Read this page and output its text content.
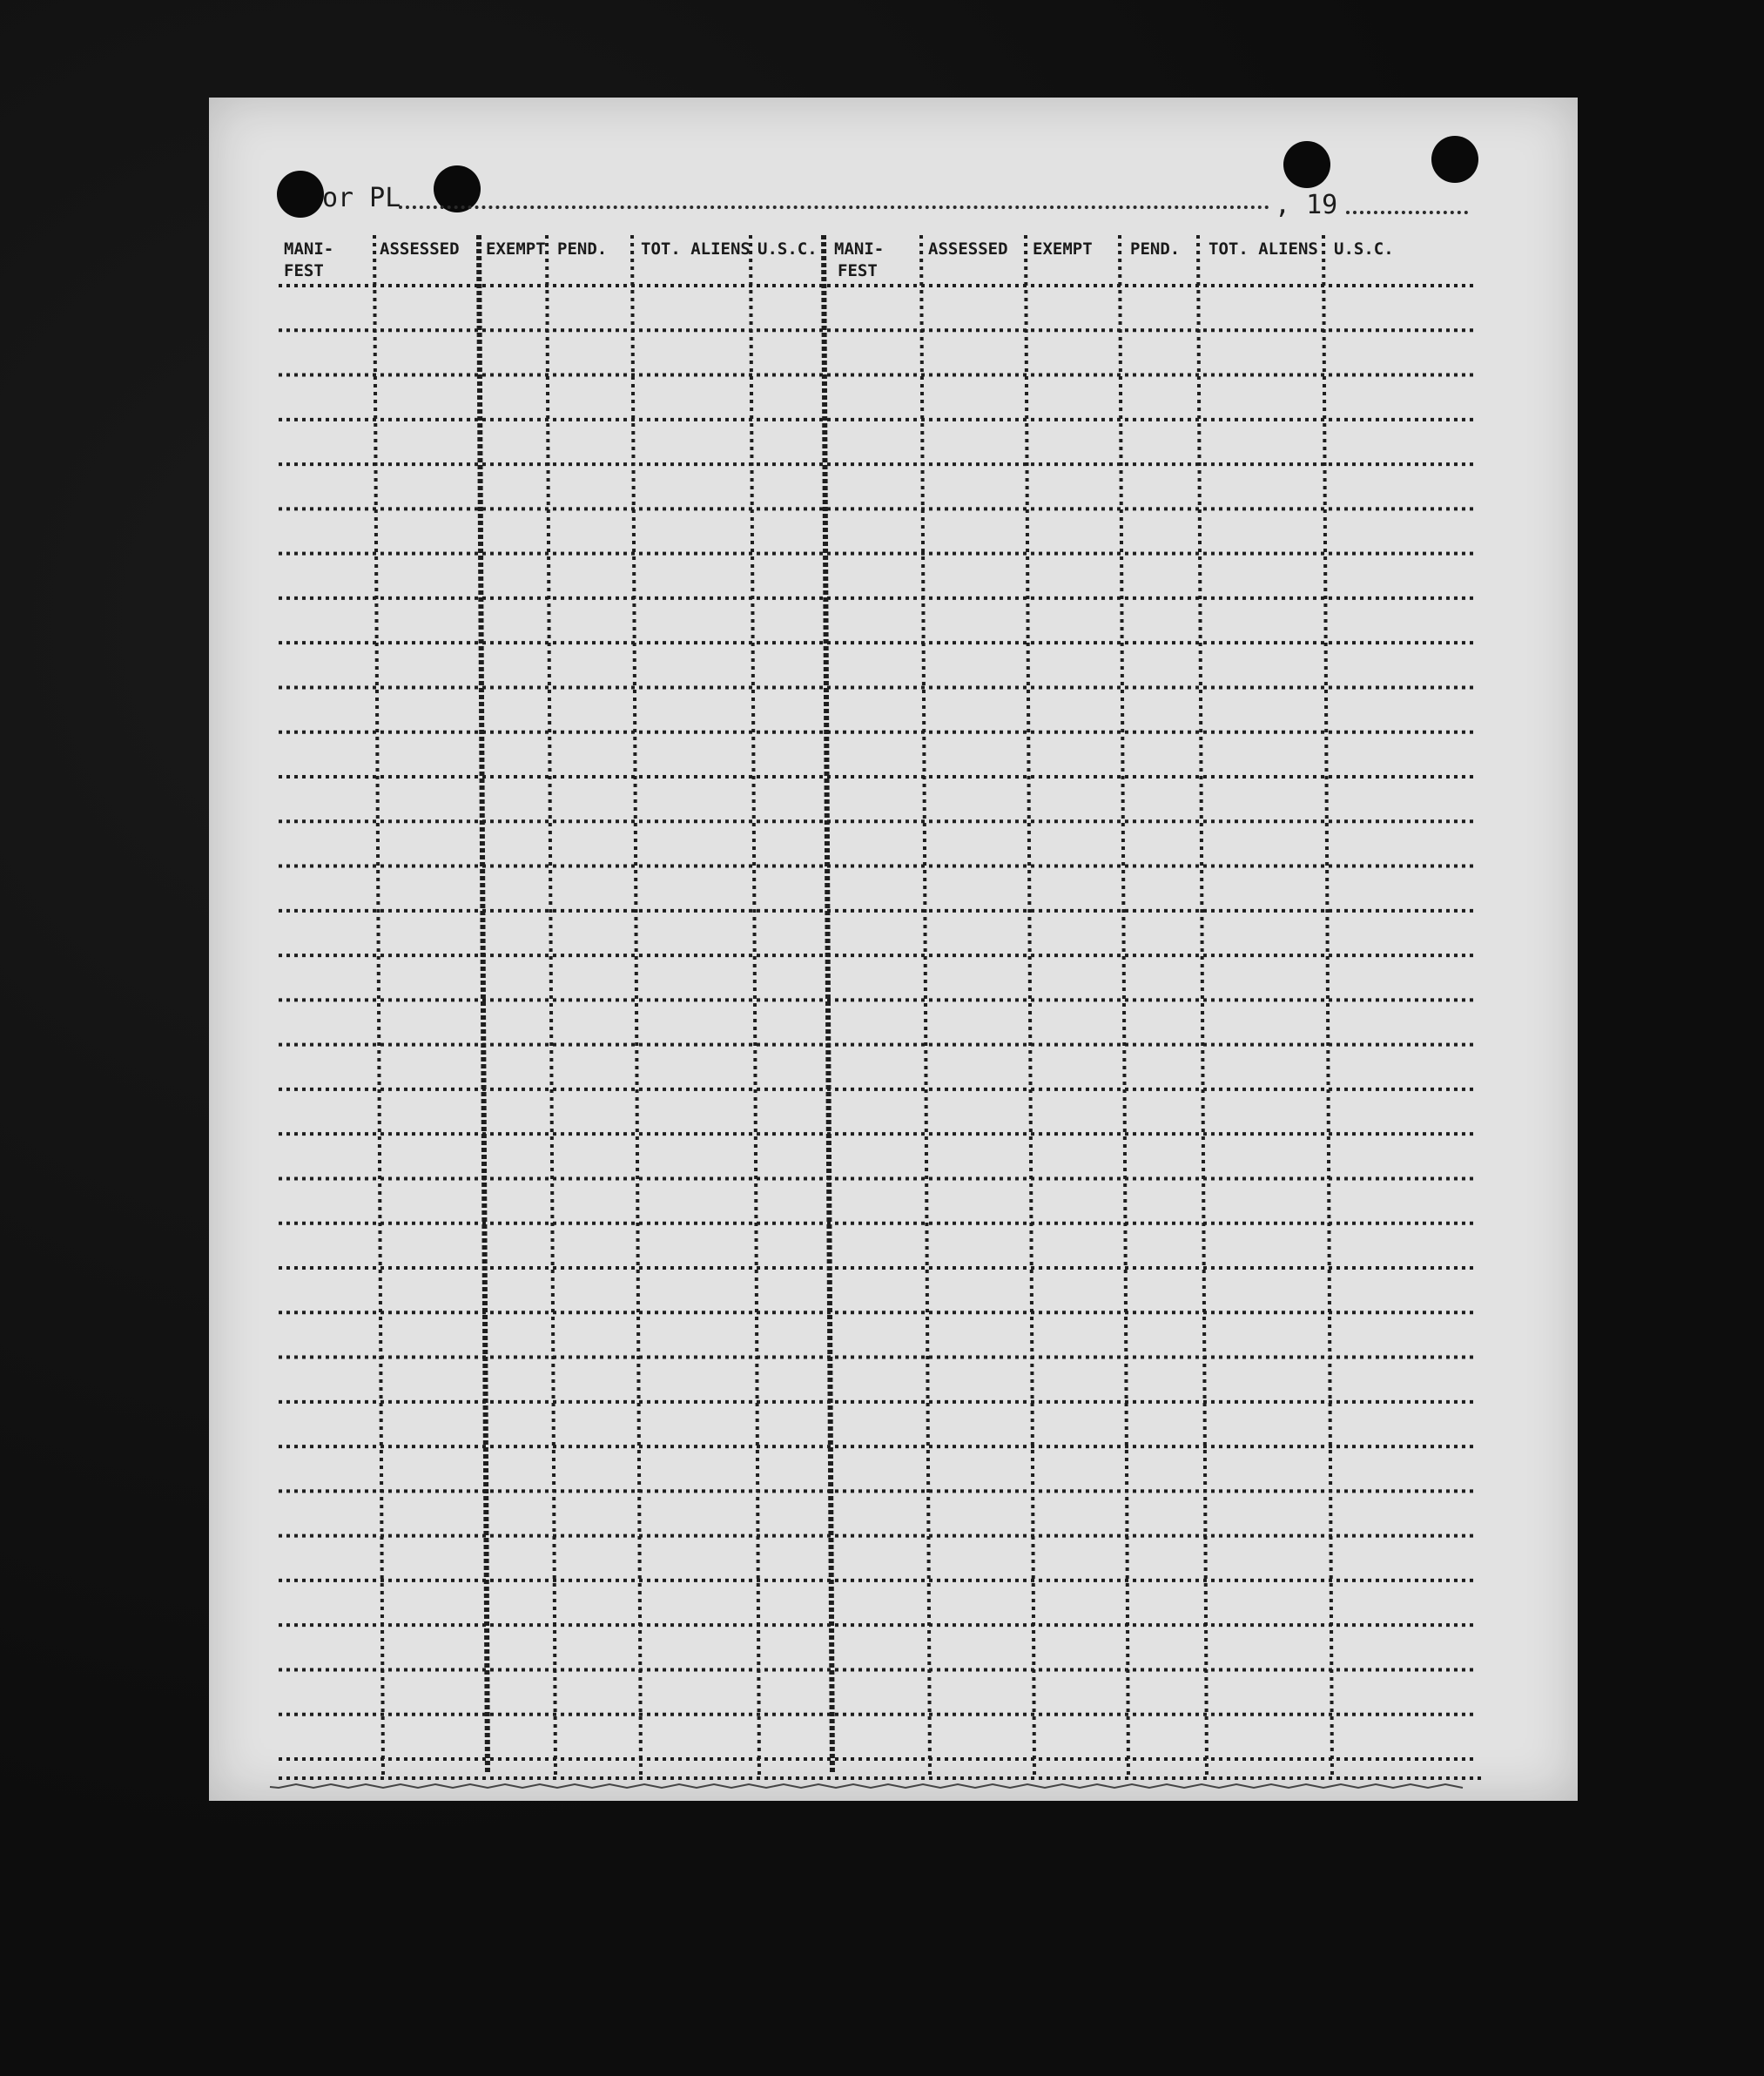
or PL	, 19
MANI-
FEST
ASSESSED EXEMPT PEND. TOT. ALIENS U.S.C. MANI-
FEST
ASSESSED EXEMPT PEND. TOT. ALIENS U.S.C.
